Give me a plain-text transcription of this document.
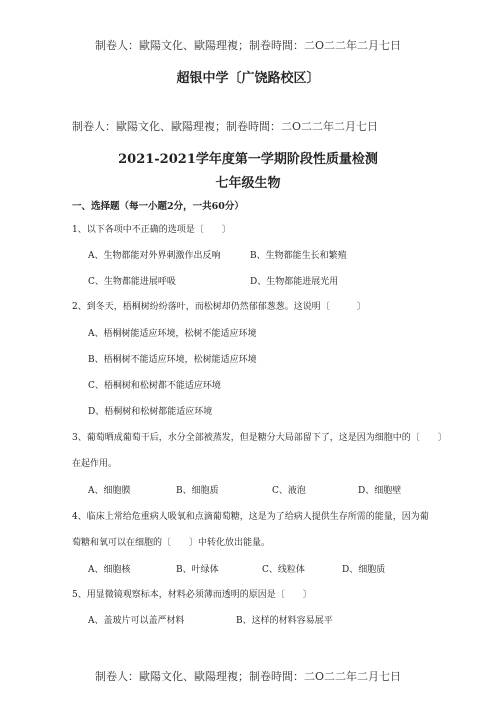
制卷人：歐陽文化、歐陽理複；制卷時間：二O二二年二月七日
超银中学〔广饶路校区〕
制卷人：歐陽文化、歐陽理複；制卷時間：二O二二年二月七日
2021-2021学年度第一学期阶段性质量检测
七年级生物
一、选择题（每一小题2分，一共60分）
1、以下各项中不正确的选项是〔　　〕
A、生物都能对外界刺激作出反响	B、生物都能生长和繁殖
C、生物都能进展呼吸	D、生物都能进展光用
2、到冬天，梧桐树纷纷落叶，而松树却仍然郁郁葱葱。这说明〔　　　〕
A、梧桐树能适应环境，松树不能适应环境
B、梧桐树不能适应环境，松树能适应环境
C、梧桐树和松树都不能适应环境
D、梧桐树和松树都能适应环境
3、葡萄晒成葡萄干后，水分全部被蒸发，但是糖分大局部留下了，这是因为细胞中的〔　　〕
在起作用。
A、细胞膜	B、细胞质	C、液泡	D、细胞壁
4、临床上常给危重病人吸氧和点滴葡萄糖，这是为了给病人提供生存所需的能量，因为葡
萄糖和氧可以在细胞的〔　　〕中转化放出能量。
A、细胞核	B、叶绿体	C、线粒体	D、细胞质
5、用显微镜观察标本，材料必须薄而透明的原因是〔　　〕
A、盖玻片可以盖严材料	B、这样的材料容易展平
制卷人：歐陽文化、歐陽理複；制卷時間：二O二二年二月七日
